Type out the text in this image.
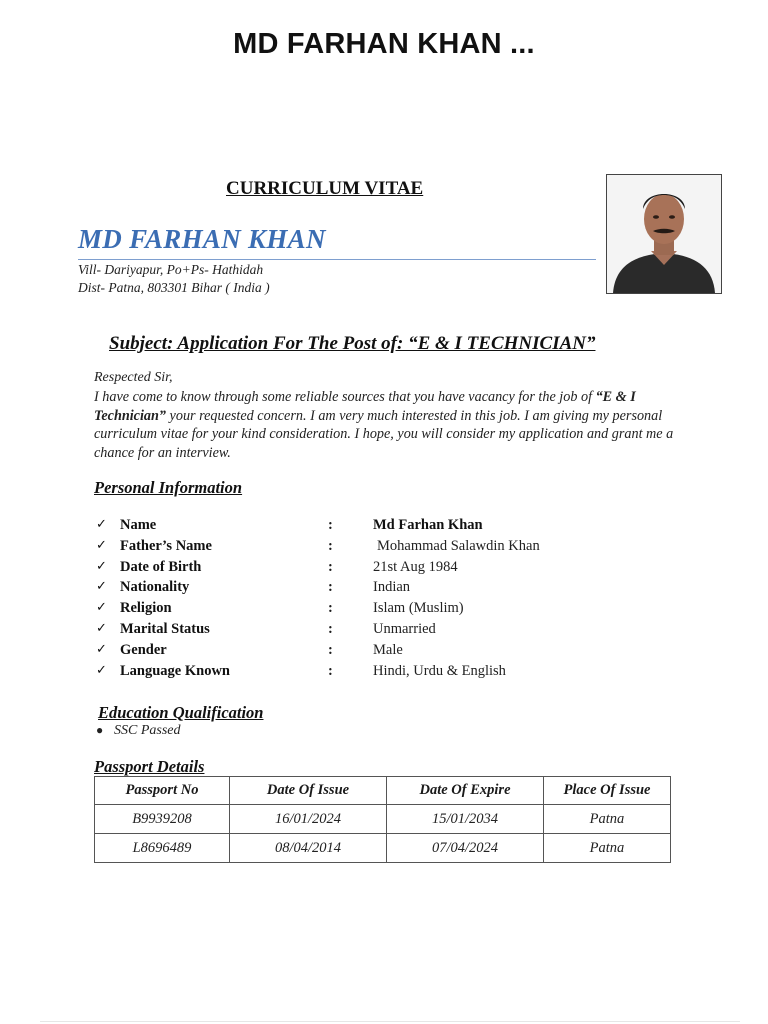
MD FARHAN KHAN ...
CURRICULUM VITAE
MD FARHAN KHAN
Vill- Dariyapur, Po+Ps- Hathidah
Dist- Patna, 803301 Bihar ( India )
Subject: Application For The Post of: “E & I TECHNICIAN”
Respected Sir,
I have come to know through some reliable sources that you have vacancy for the job of “E & I Technician” your requested concern. I am very much interested in this job. I am giving my personal curriculum vitae for your kind consideration. I hope, you will consider my application and grant me a chance for an interview.
Personal Information
✓ Name	:	Md Farhan Khan
✓ Father’s Name	:	Mohammad Salawdin Khan
✓ Date of Birth	:	21st Aug 1984
✓ Nationality	:	Indian
✓ Religion	:	Islam (Muslim)
✓ Marital Status	:	Unmarried
✓ Gender	:	Male
✓ Language Known	:	Hindi, Urdu & English
Education Qualification
● SSC Passed
Passport Details
Passport No	Date Of Issue	Date Of Expire	Place Of Issue
B9939208	16/01/2024	15/01/2034	Patna
L8696489	08/04/2014	07/04/2024	Patna
